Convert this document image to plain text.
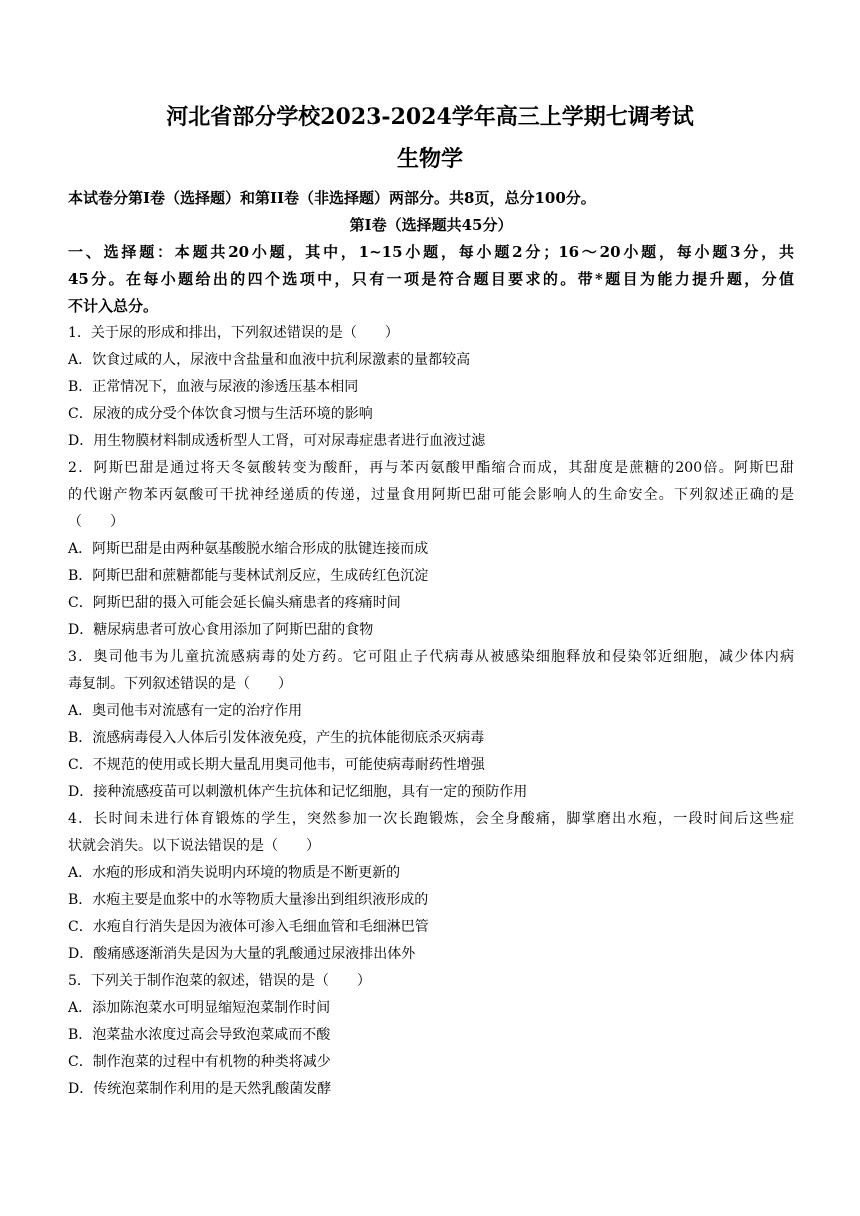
河北省部分学校2023-2024学年高三上学期七调考试
生物学
本试卷分第I卷（选择题）和第II卷（非选择题）两部分。共8页，总分100分。
第Ⅰ卷（选择题共45分）
一、选择题：本题共20小题，其中，1~15小题，每小题2分；16～20小题，每小题3分，共
45分。在每小题给出的四个选项中，只有一项是符合题目要求的。带*题目为能力提升题，分值
不计入总分。
1．关于尿的形成和排出，下列叙述错误的是（　　）
A．饮食过咸的人，尿液中含盐量和血液中抗利尿激素的量都较高
B．正常情况下，血液与尿液的渗透压基本相同
C．尿液的成分受个体饮食习惯与生活环境的影响
D．用生物膜材料制成透析型人工肾，可对尿毒症患者进行血液过滤
2．阿斯巴甜是通过将天冬氨酸转变为酸酐，再与苯丙氨酸甲酯缩合而成，其甜度是蔗糖的200倍。阿斯巴甜
的代谢产物苯丙氨酸可干扰神经递质的传递，过量食用阿斯巴甜可能会影响人的生命安全。下列叙述正确的是
（　　）
A．阿斯巴甜是由两种氨基酸脱水缩合形成的肽键连接而成
B．阿斯巴甜和蔗糖都能与斐林试剂反应，生成砖红色沉淀
C．阿斯巴甜的摄入可能会延长偏头痛患者的疼痛时间
D．糖尿病患者可放心食用添加了阿斯巴甜的食物
3．奥司他韦为儿童抗流感病毒的处方药。它可阻止子代病毒从被感染细胞释放和侵染邻近细胞，减少体内病
毒复制。下列叙述错误的是（　　）
A．奥司他韦对流感有一定的治疗作用
B．流感病毒侵入人体后引发体液免疫，产生的抗体能彻底杀灭病毒
C．不规范的使用或长期大量乱用奥司他韦，可能使病毒耐药性增强
D．接种流感疫苗可以刺激机体产生抗体和记忆细胞，具有一定的预防作用
4．长时间未进行体育锻炼的学生，突然参加一次长跑锻炼，会全身酸痛，脚掌磨出水疱，一段时间后这些症
状就会消失。以下说法错误的是（　　）
A．水疱的形成和消失说明内环境的物质是不断更新的
B．水疱主要是血浆中的水等物质大量渗出到组织液形成的
C．水疱自行消失是因为液体可渗入毛细血管和毛细淋巴管
D．酸痛感逐渐消失是因为大量的乳酸通过尿液排出体外
5．下列关于制作泡菜的叙述，错误的是（　　）
A．添加陈泡菜水可明显缩短泡菜制作时间
B．泡菜盐水浓度过高会导致泡菜咸而不酸
C．制作泡菜的过程中有机物的种类将减少
D．传统泡菜制作利用的是天然乳酸菌发酵
